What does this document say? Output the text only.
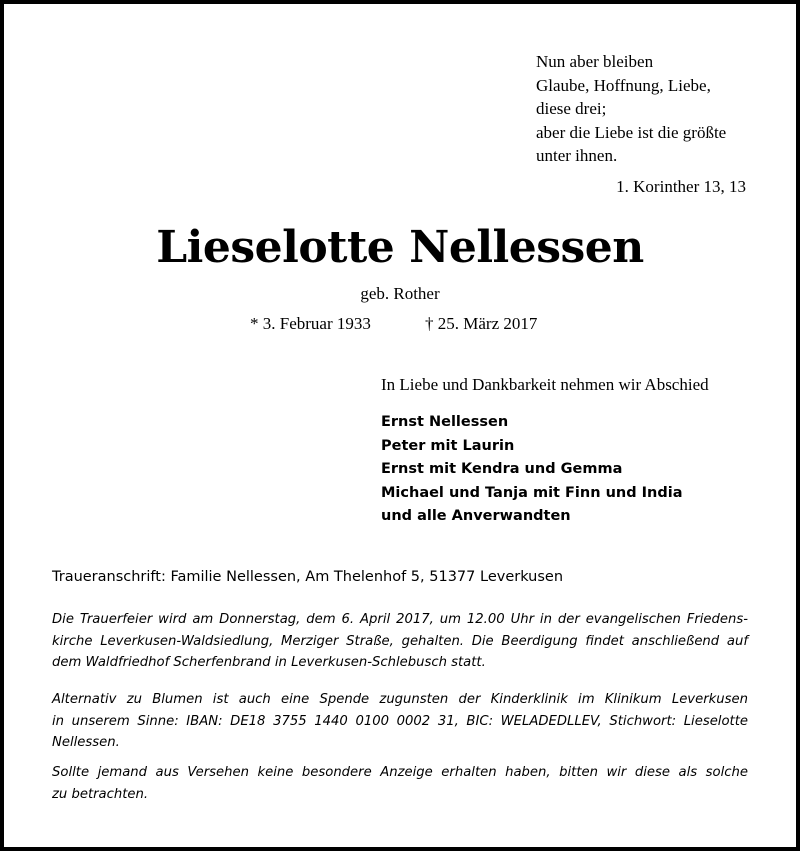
Nun aber bleiben
Glaube, Hoffnung, Liebe,
diese drei;
aber die Liebe ist die größte
unter ihnen.
1. Korinther 13, 13
Lieselotte Nellessen
geb. Rother
* 3. Februar 1933	† 25. März 2017
In Liebe und Dankbarkeit nehmen wir Abschied
Ernst Nellessen
Peter mit Laurin
Ernst mit Kendra und Gemma
Michael und Tanja mit Finn und India
und alle Anverwandten
Traueranschrift: Familie Nellessen, Am Thelenhof 5, 51377 Leverkusen
Die Trauerfeier wird am Donnerstag, dem 6. April 2017, um 12.00 Uhr in der evangelischen Friedens-
kirche Leverkusen-Waldsiedlung, Merziger Straße, gehalten. Die Beerdigung findet anschließend auf
dem Waldfriedhof Scherfenbrand in Leverkusen-Schlebusch statt.
Alternativ zu Blumen ist auch eine Spende zugunsten der Kinderklinik im Klinikum Leverkusen
in unserem Sinne: IBAN: DE18 3755 1440 0100 0002 31, BIC: WELADEDLLEV, Stichwort: Lieselotte
Nellessen.
Sollte jemand aus Versehen keine besondere Anzeige erhalten haben, bitten wir diese als solche
zu betrachten.
